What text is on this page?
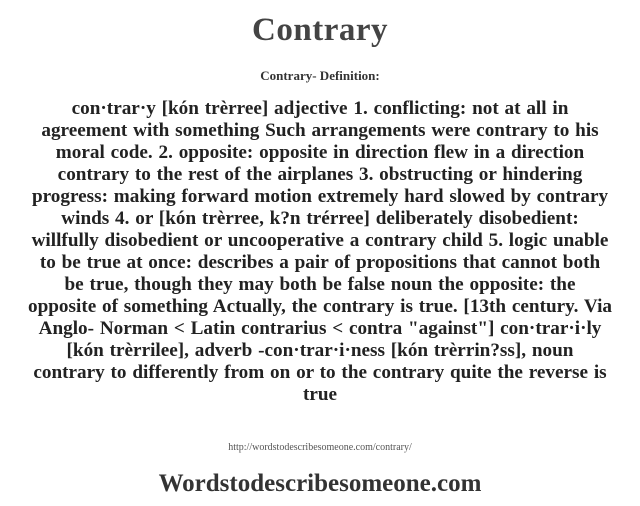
Contrary
Contrary- Definition:
con·trar·y [kón trèrree] adjective 1. conflicting: not at all in agreement with something Such arrangements were contrary to his moral code. 2. opposite: opposite in direction flew in a direction contrary to the rest of the airplanes 3. obstructing or hindering progress: making forward motion extremely hard slowed by contrary winds 4. or [kón trèrree, k?n trérree] deliberately disobedient: willfully disobedient or uncooperative a contrary child 5. logic unable to be true at once: describes a pair of propositions that cannot both be true, though they may both be false noun the opposite: the opposite of something Actually, the contrary is true. [13th century. Via Anglo- Norman < Latin contrarius < contra "against"] con·trar·i·ly [kón trèrrilee], adverb -con·trar·i·ness [kón trèrrin?ss], noun contrary to differently from on or to the contrary quite the reverse is true
http://wordstodescribesomeone.com/contrary/
Wordstodescribesomeone.com
